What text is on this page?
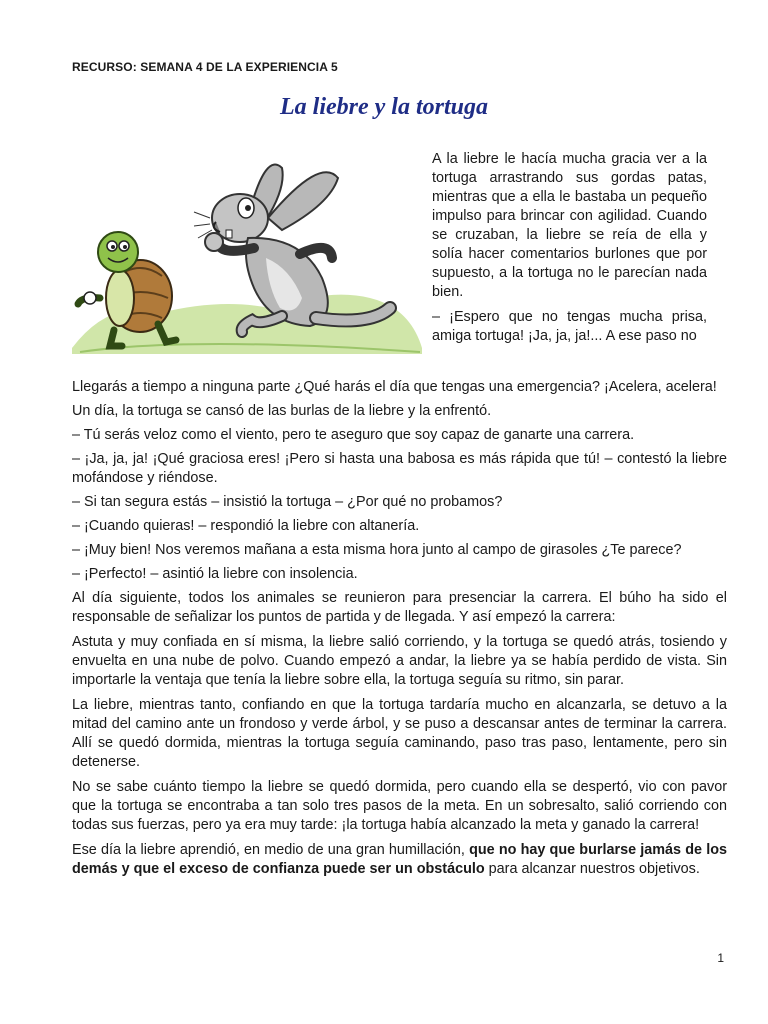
RECURSO: SEMANA 4 DE LA EXPERIENCIA 5
La liebre y la tortuga

A la liebre le hacía mucha gracia ver a la tortuga arrastrando sus gordas patas, mientras que a ella le bastaba un pequeño impulso para brincar con agilidad. Cuando se cruzaban, la liebre se reía de ella y solía hacer comentarios burlones que por supuesto, a la tortuga no le parecían nada bien.

– ¡Espero que no tengas mucha prisa, amiga tortuga! ¡Ja, ja, ja!... A ese paso no

Llegarás a tiempo a ninguna parte ¿Qué harás el día que tengas una emergencia? ¡Acelera, acelera!

Un día, la tortuga se cansó de las burlas de la liebre y la enfrentó.

– Tú serás veloz como el viento, pero te aseguro que soy capaz de ganarte una carrera.

– ¡Ja, ja, ja! ¡Qué graciosa eres! ¡Pero si hasta una babosa es más rápida que tú! – contestó la liebre mofándose y riéndose.

– Si tan segura estás – insistió la tortuga – ¿Por qué no probamos?

– ¡Cuando quieras! – respondió la liebre con altanería.

– ¡Muy bien! Nos veremos mañana a esta misma hora junto al campo de girasoles ¿Te parece?

– ¡Perfecto! – asintió la liebre con insolencia.

Al día siguiente, todos los animales se reunieron para presenciar la carrera. El búho ha sido el responsable de señalizar los puntos de partida y de llegada. Y así empezó la carrera:

Astuta y muy confiada en sí misma, la liebre salió corriendo, y la tortuga se quedó atrás, tosiendo y envuelta en una nube de polvo. Cuando empezó a andar, la liebre ya se había perdido de vista. Sin importarle la ventaja que tenía la liebre sobre ella, la tortuga seguía su ritmo, sin parar.

La liebre, mientras tanto, confiando en que la tortuga tardaría mucho en alcanzarla, se detuvo a la mitad del camino ante un frondoso y verde árbol, y se puso a descansar antes de terminar la carrera. Allí se quedó dormida, mientras la tortuga seguía caminando, paso tras paso, lentamente, pero sin detenerse.

No se sabe cuánto tiempo la liebre se quedó dormida, pero cuando ella se despertó, vio con pavor que la tortuga se encontraba a tan solo tres pasos de la meta. En un sobresalto, salió corriendo con todas sus fuerzas, pero ya era muy tarde: ¡la tortuga había alcanzado la meta y ganado la carrera!

Ese día la liebre aprendió, en medio de una gran humillación, que no hay que burlarse jamás de los demás y que el exceso de confianza puede ser un obstáculo para alcanzar nuestros objetivos.

1
